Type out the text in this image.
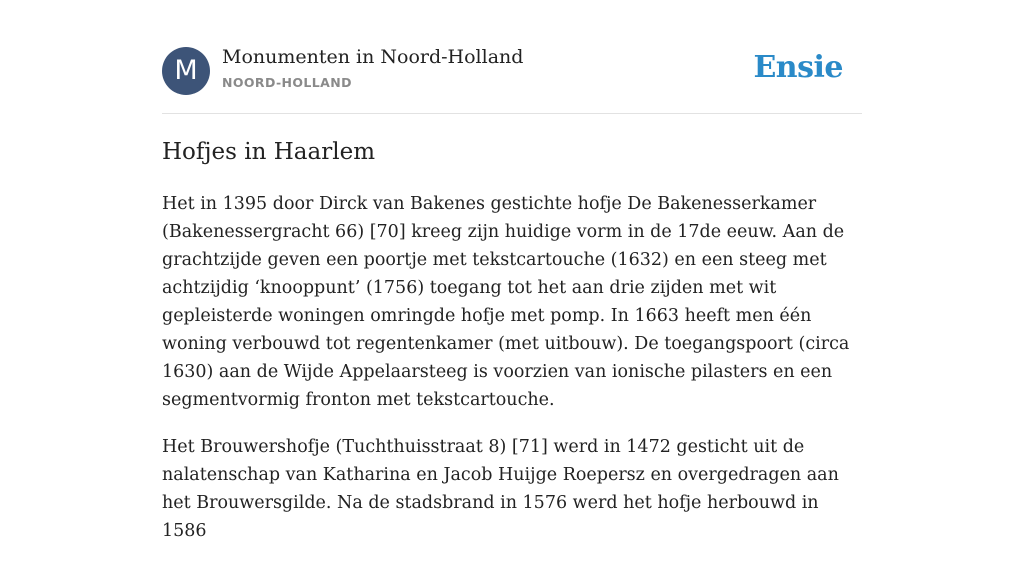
M	Monumenten in Noord-Holland
NOORD-HOLLAND	Ensie
Hofjes in Haarlem

Het in 1395 door Dirck van Bakenes gestichte hofje De Bakenesserkamer (Bakenessergracht 66) [70] kreeg zijn huidige vorm in de 17de eeuw. Aan de grachtzijde geven een poortje met tekstcartouche (1632) en een steeg met achtzijdig ‘knooppunt’ (1756) toegang tot het aan drie zijden met wit gepleisterde woningen omringde hofje met pomp. In 1663 heeft men één woning verbouwd tot regentenkamer (met uitbouw). De toegangspoort (circa 1630) aan de Wijde Appelaarsteeg is voorzien van ionische pilasters en een segmentvormig fronton met tekstcartouche.

Het Brouwershofje (Tuchthuisstraat 8) [71] werd in 1472 gesticht uit de nalatenschap van Katharina en Jacob Huijge Roepersz en overgedragen aan het Brouwersgilde. Na de stadsbrand in 1576 werd het hofje herbouwd in 1586
